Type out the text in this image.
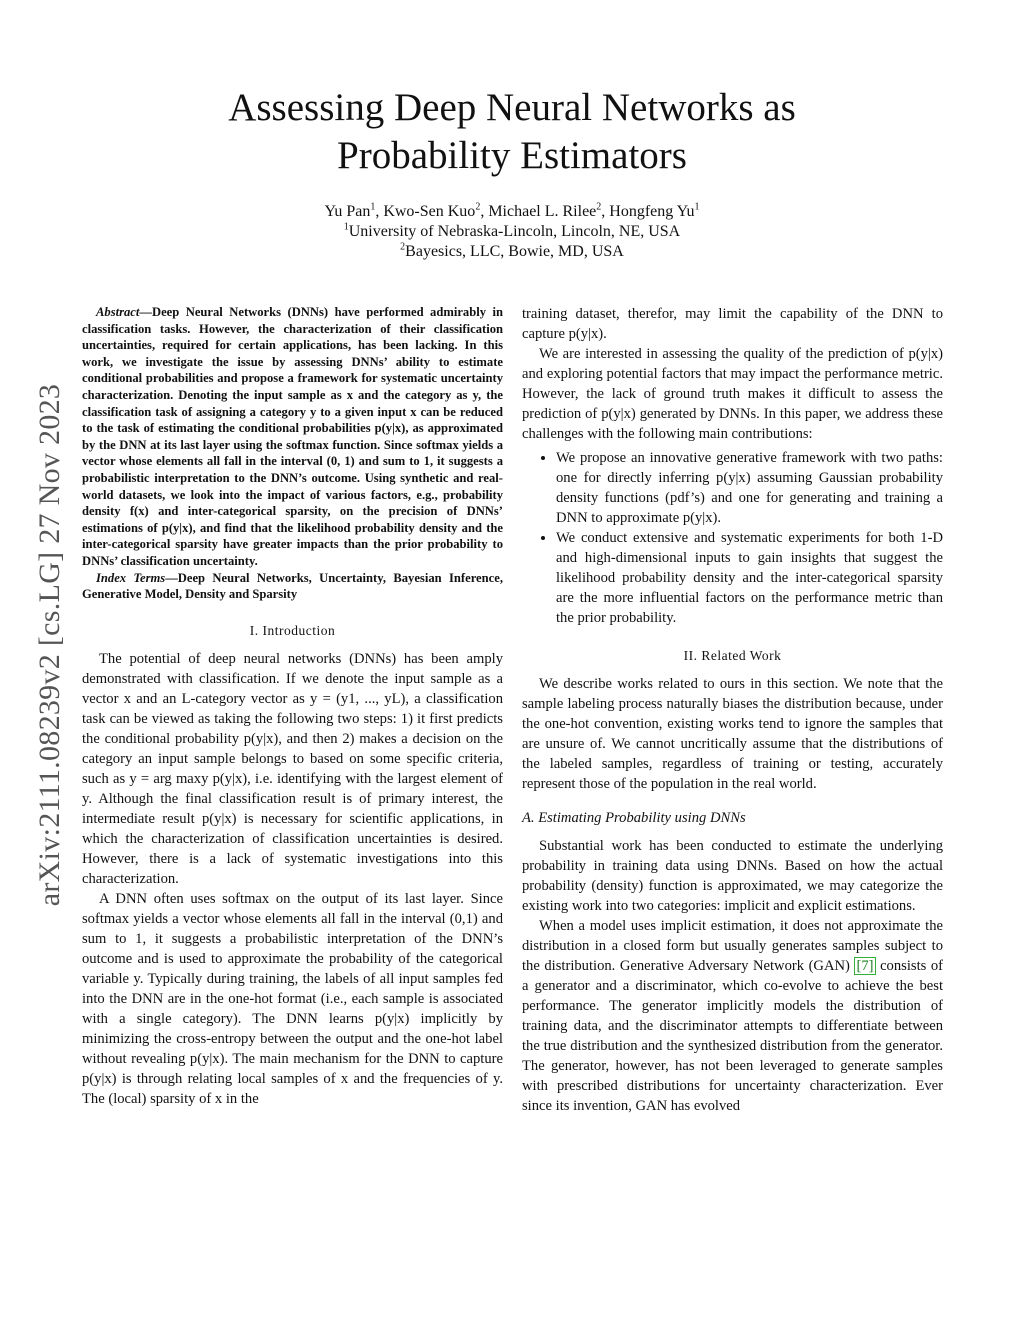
arXiv:2111.08239v2 [cs.LG] 27 Nov 2023
Assessing Deep Neural Networks as
Probability Estimators
Yu Pan$^1$, Kwo-Sen Kuo$^2$, Michael L. Rilee$^2$, Hongfeng Yu$^1$
$^1$University of Nebraska-Lincoln, Lincoln, NE, USA
$^2$Bayesics, LLC, Bowie, MD, USA

Abstract—Deep Neural Networks (DNNs) have performed admirably in classification tasks. However, the characterization of their classification uncertainties, required for certain applications, has been lacking. In this work, we investigate the issue by assessing DNNs’ ability to estimate conditional probabilities and propose a framework for systematic uncertainty characterization. Denoting the input sample as x and the category as y, the classification task of assigning a category y to a given input x can be reduced to the task of estimating the conditional probabilities p(y|x), as approximated by the DNN at its last layer using the softmax function. Since softmax yields a vector whose elements all fall in the interval (0, 1) and sum to 1, it suggests a probabilistic interpretation to the DNN’s outcome. Using synthetic and real-world datasets, we look into the impact of various factors, e.g., probability density f(x) and inter-categorical sparsity, on the precision of DNNs’ estimations of p(y|x), and find that the likelihood probability density and the inter-categorical sparsity have greater impacts than the prior probability to DNNs’ classification uncertainty.

Index Terms—Deep Neural Networks, Uncertainty, Bayesian Inference, Generative Model, Density and Sparsity

I. Introduction

The potential of deep neural networks (DNNs) has been amply demonstrated with classification. If we denote the input sample as a vector x and an L-category vector as y = (y1, ..., yL), a classification task can be viewed as taking the following two steps: 1) it first predicts the conditional probability p(y|x), and then 2) makes a decision on the category an input sample belongs to based on some specific criteria, such as y = arg maxy p(y|x), i.e. identifying with the largest element of y. Although the final classification result is of primary interest, the intermediate result p(y|x) is necessary for scientific applications, in which the characterization of classification uncertainties is desired. However, there is a lack of systematic investigations into this characterization.

A DNN often uses softmax on the output of its last layer. Since softmax yields a vector whose elements all fall in the interval (0,1) and sum to 1, it suggests a probabilistic interpretation of the DNN’s outcome and is used to approximate the probability of the categorical variable y. Typically during training, the labels of all input samples fed into the DNN are in the one-hot format (i.e., each sample is associated with a single category). The DNN learns p(y|x) implicitly by minimizing the cross-entropy between the output and the one-hot label without revealing p(y|x). The main mechanism for the DNN to capture p(y|x) is through relating local samples of x and the frequencies of y. The (local) sparsity of x in the

training dataset, therefor, may limit the capability of the DNN to capture p(y|x).

We are interested in assessing the quality of the prediction of p(y|x) and exploring potential factors that may impact the performance metric. However, the lack of ground truth makes it difficult to assess the prediction of p(y|x) generated by DNNs. In this paper, we address these challenges with the following main contributions:

• We propose an innovative generative framework with two paths: one for directly inferring p(y|x) assuming Gaussian probability density functions (pdf’s) and one for generating and training a DNN to approximate p(y|x).
• We conduct extensive and systematic experiments for both 1-D and high-dimensional inputs to gain insights that suggest the likelihood probability density and the inter-categorical sparsity are the more influential factors on the performance metric than the prior probability.
II. Related Work

We describe works related to ours in this section. We note that the sample labeling process naturally biases the distribution because, under the one-hot convention, existing works tend to ignore the samples that are unsure of. We cannot uncritically assume that the distributions of the labeled samples, regardless of training or testing, accurately represent those of the population in the real world.

A. Estimating Probability using DNNs

Substantial work has been conducted to estimate the underlying probability in training data using DNNs. Based on how the actual probability (density) function is approximated, we may categorize the existing work into two categories: implicit and explicit estimations.

When a model uses implicit estimation, it does not approximate the distribution in a closed form but usually generates samples subject to the distribution. Generative Adversary Network (GAN) [7] consists of a generator and a discriminator, which co-evolve to achieve the best performance. The generator implicitly models the distribution of training data, and the discriminator attempts to differentiate between the true distribution and the synthesized distribution from the generator. The generator, however, has not been leveraged to generate samples with prescribed distributions for uncertainty characterization. Ever since its invention, GAN has evolved
